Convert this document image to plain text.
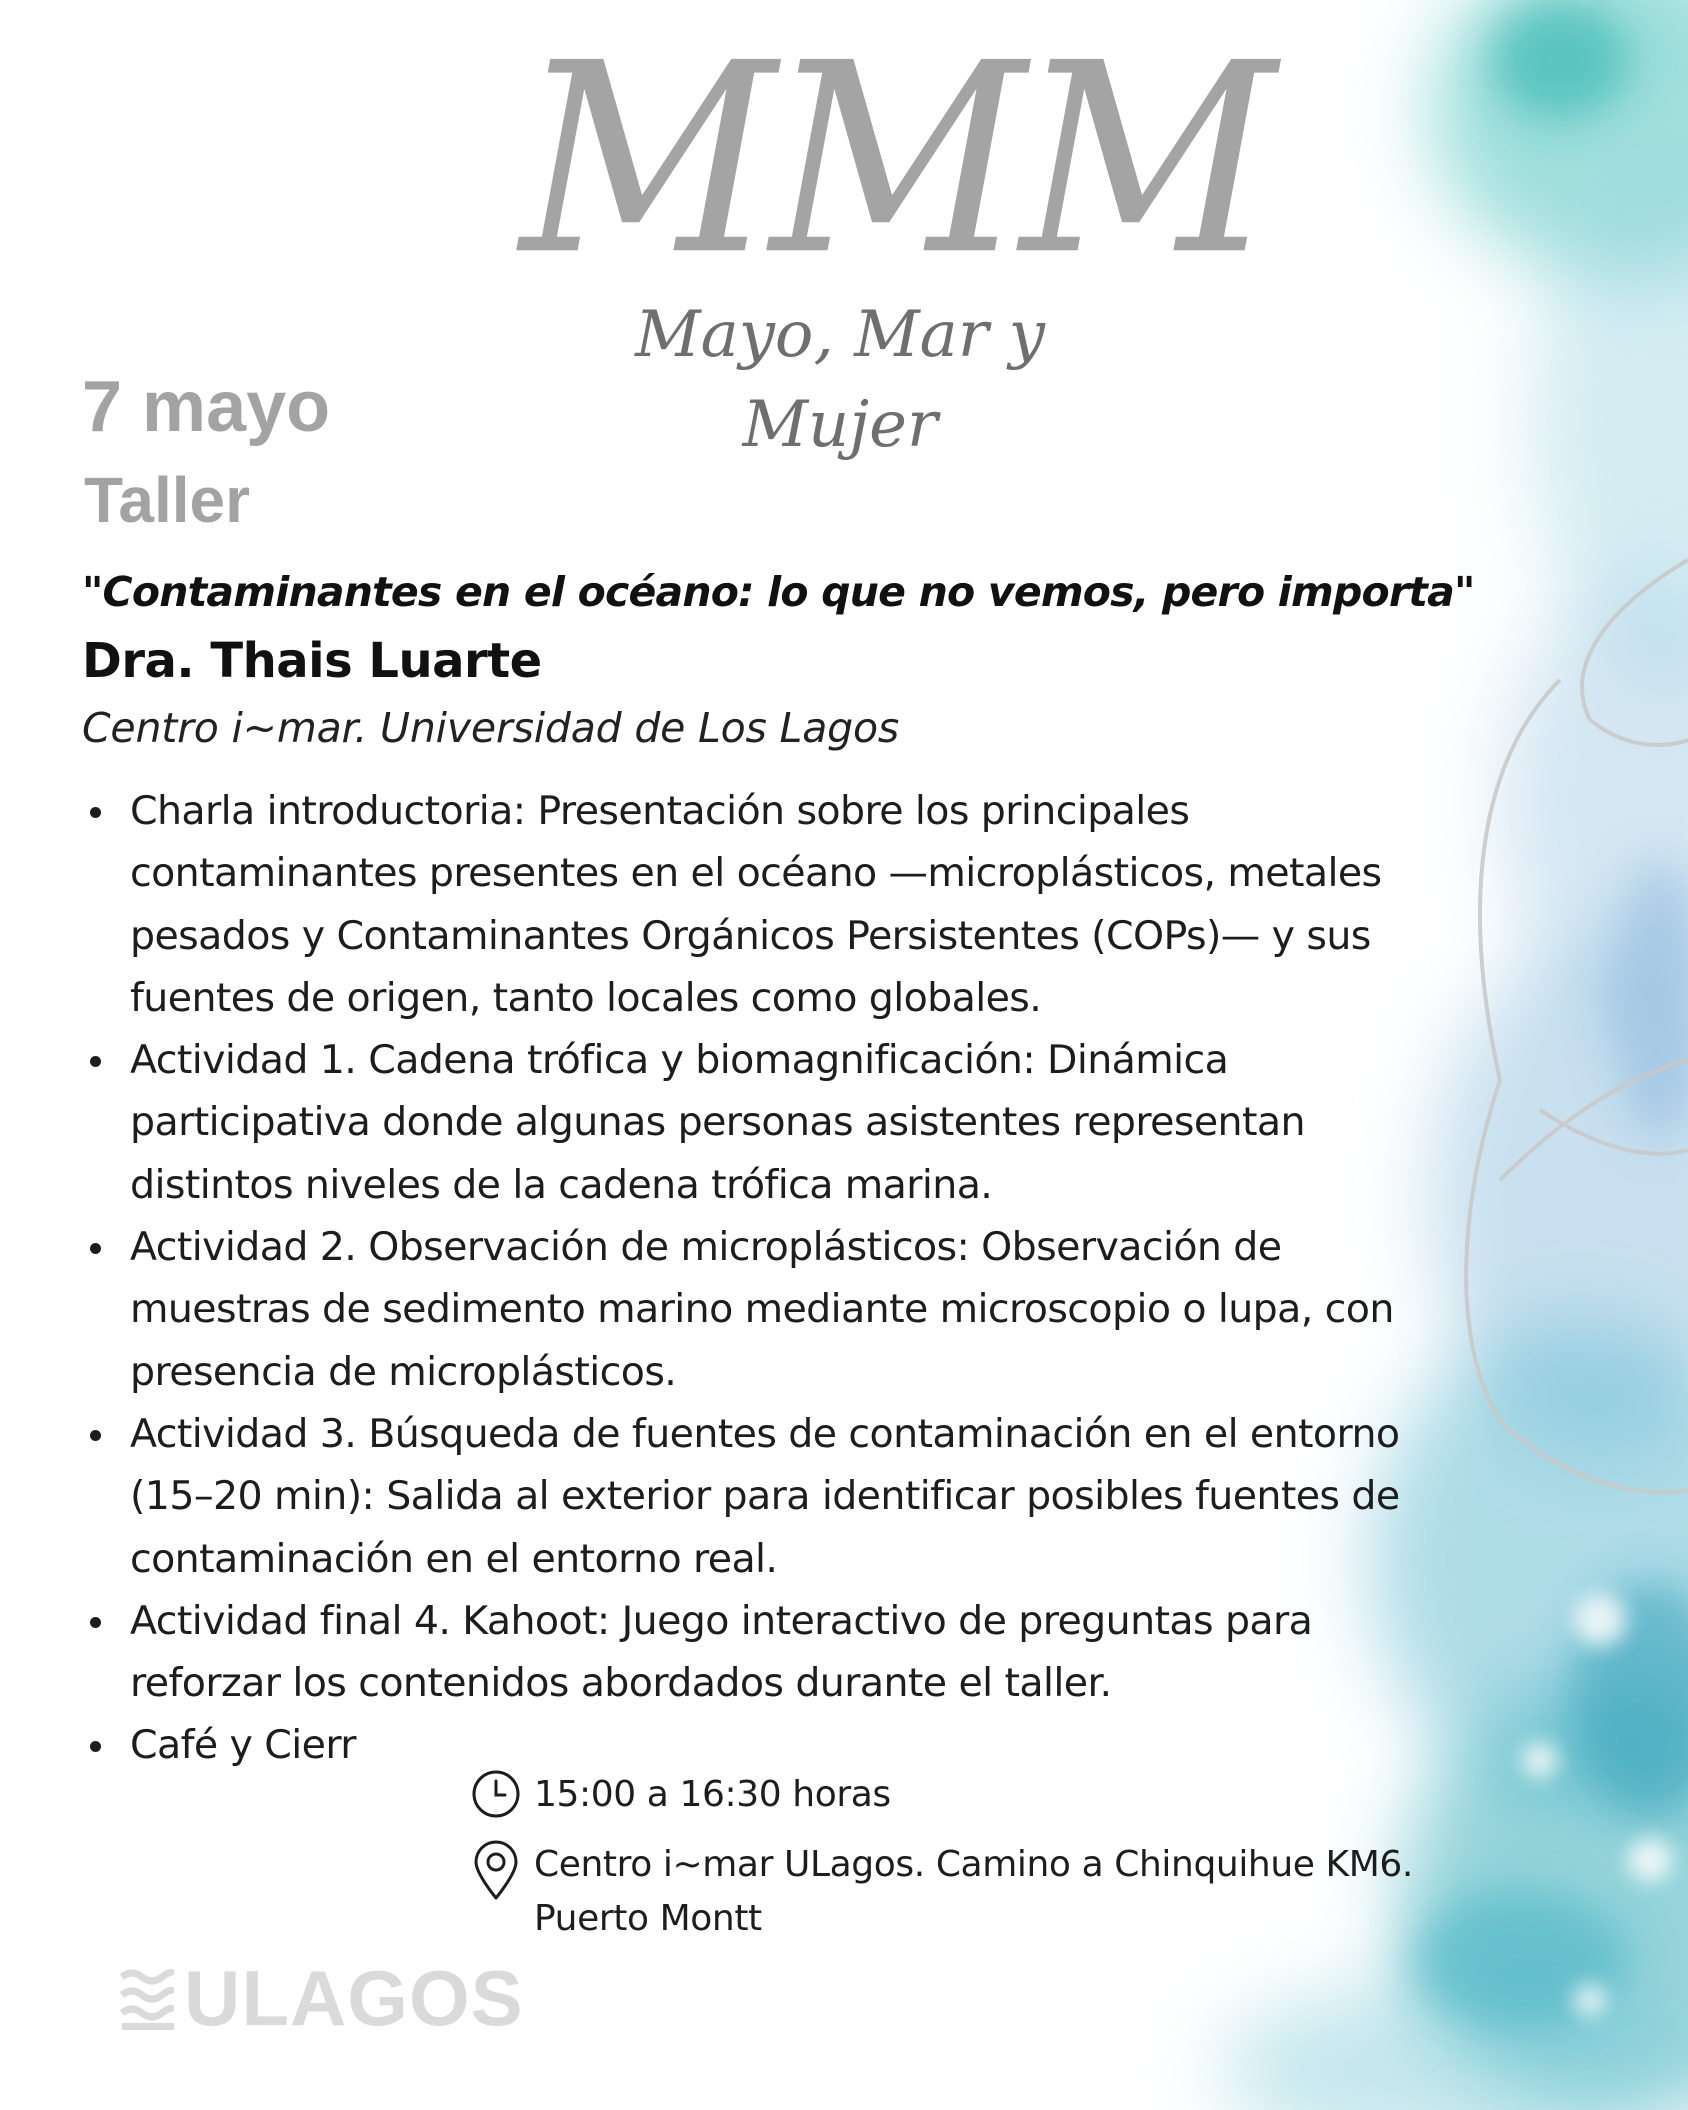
MMM
Mayo, Mar y Mujer
7 mayo
Taller
"Contaminantes en el océano: lo que no vemos, pero importa"
Dra. Thais Luarte
Centro i~mar. Universidad de Los Lagos
Charla introductoria: Presentación sobre los principales contaminantes presentes en el océano —microplásticos, metales pesados y Contaminantes Orgánicos Persistentes (COPs)— y sus fuentes de origen, tanto locales como globales.
Actividad 1. Cadena trófica y biomagnificación: Dinámica participativa donde algunas personas asistentes representan distintos niveles de la cadena trófica marina.
Actividad 2. Observación de microplásticos: Observación de muestras de sedimento marino mediante microscopio o lupa, con presencia de microplásticos.
Actividad 3. Búsqueda de fuentes de contaminación en el entorno (15–20 min): Salida al exterior para identificar posibles fuentes de contaminación en el entorno real.
Actividad final 4. Kahoot: Juego interactivo de preguntas para reforzar los contenidos abordados durante el taller.
Café y Cierr
15:00 a 16:30 horas
Centro i~mar ULagos. Camino a Chinquihue KM6.
Puerto Montt
ULAGOS
